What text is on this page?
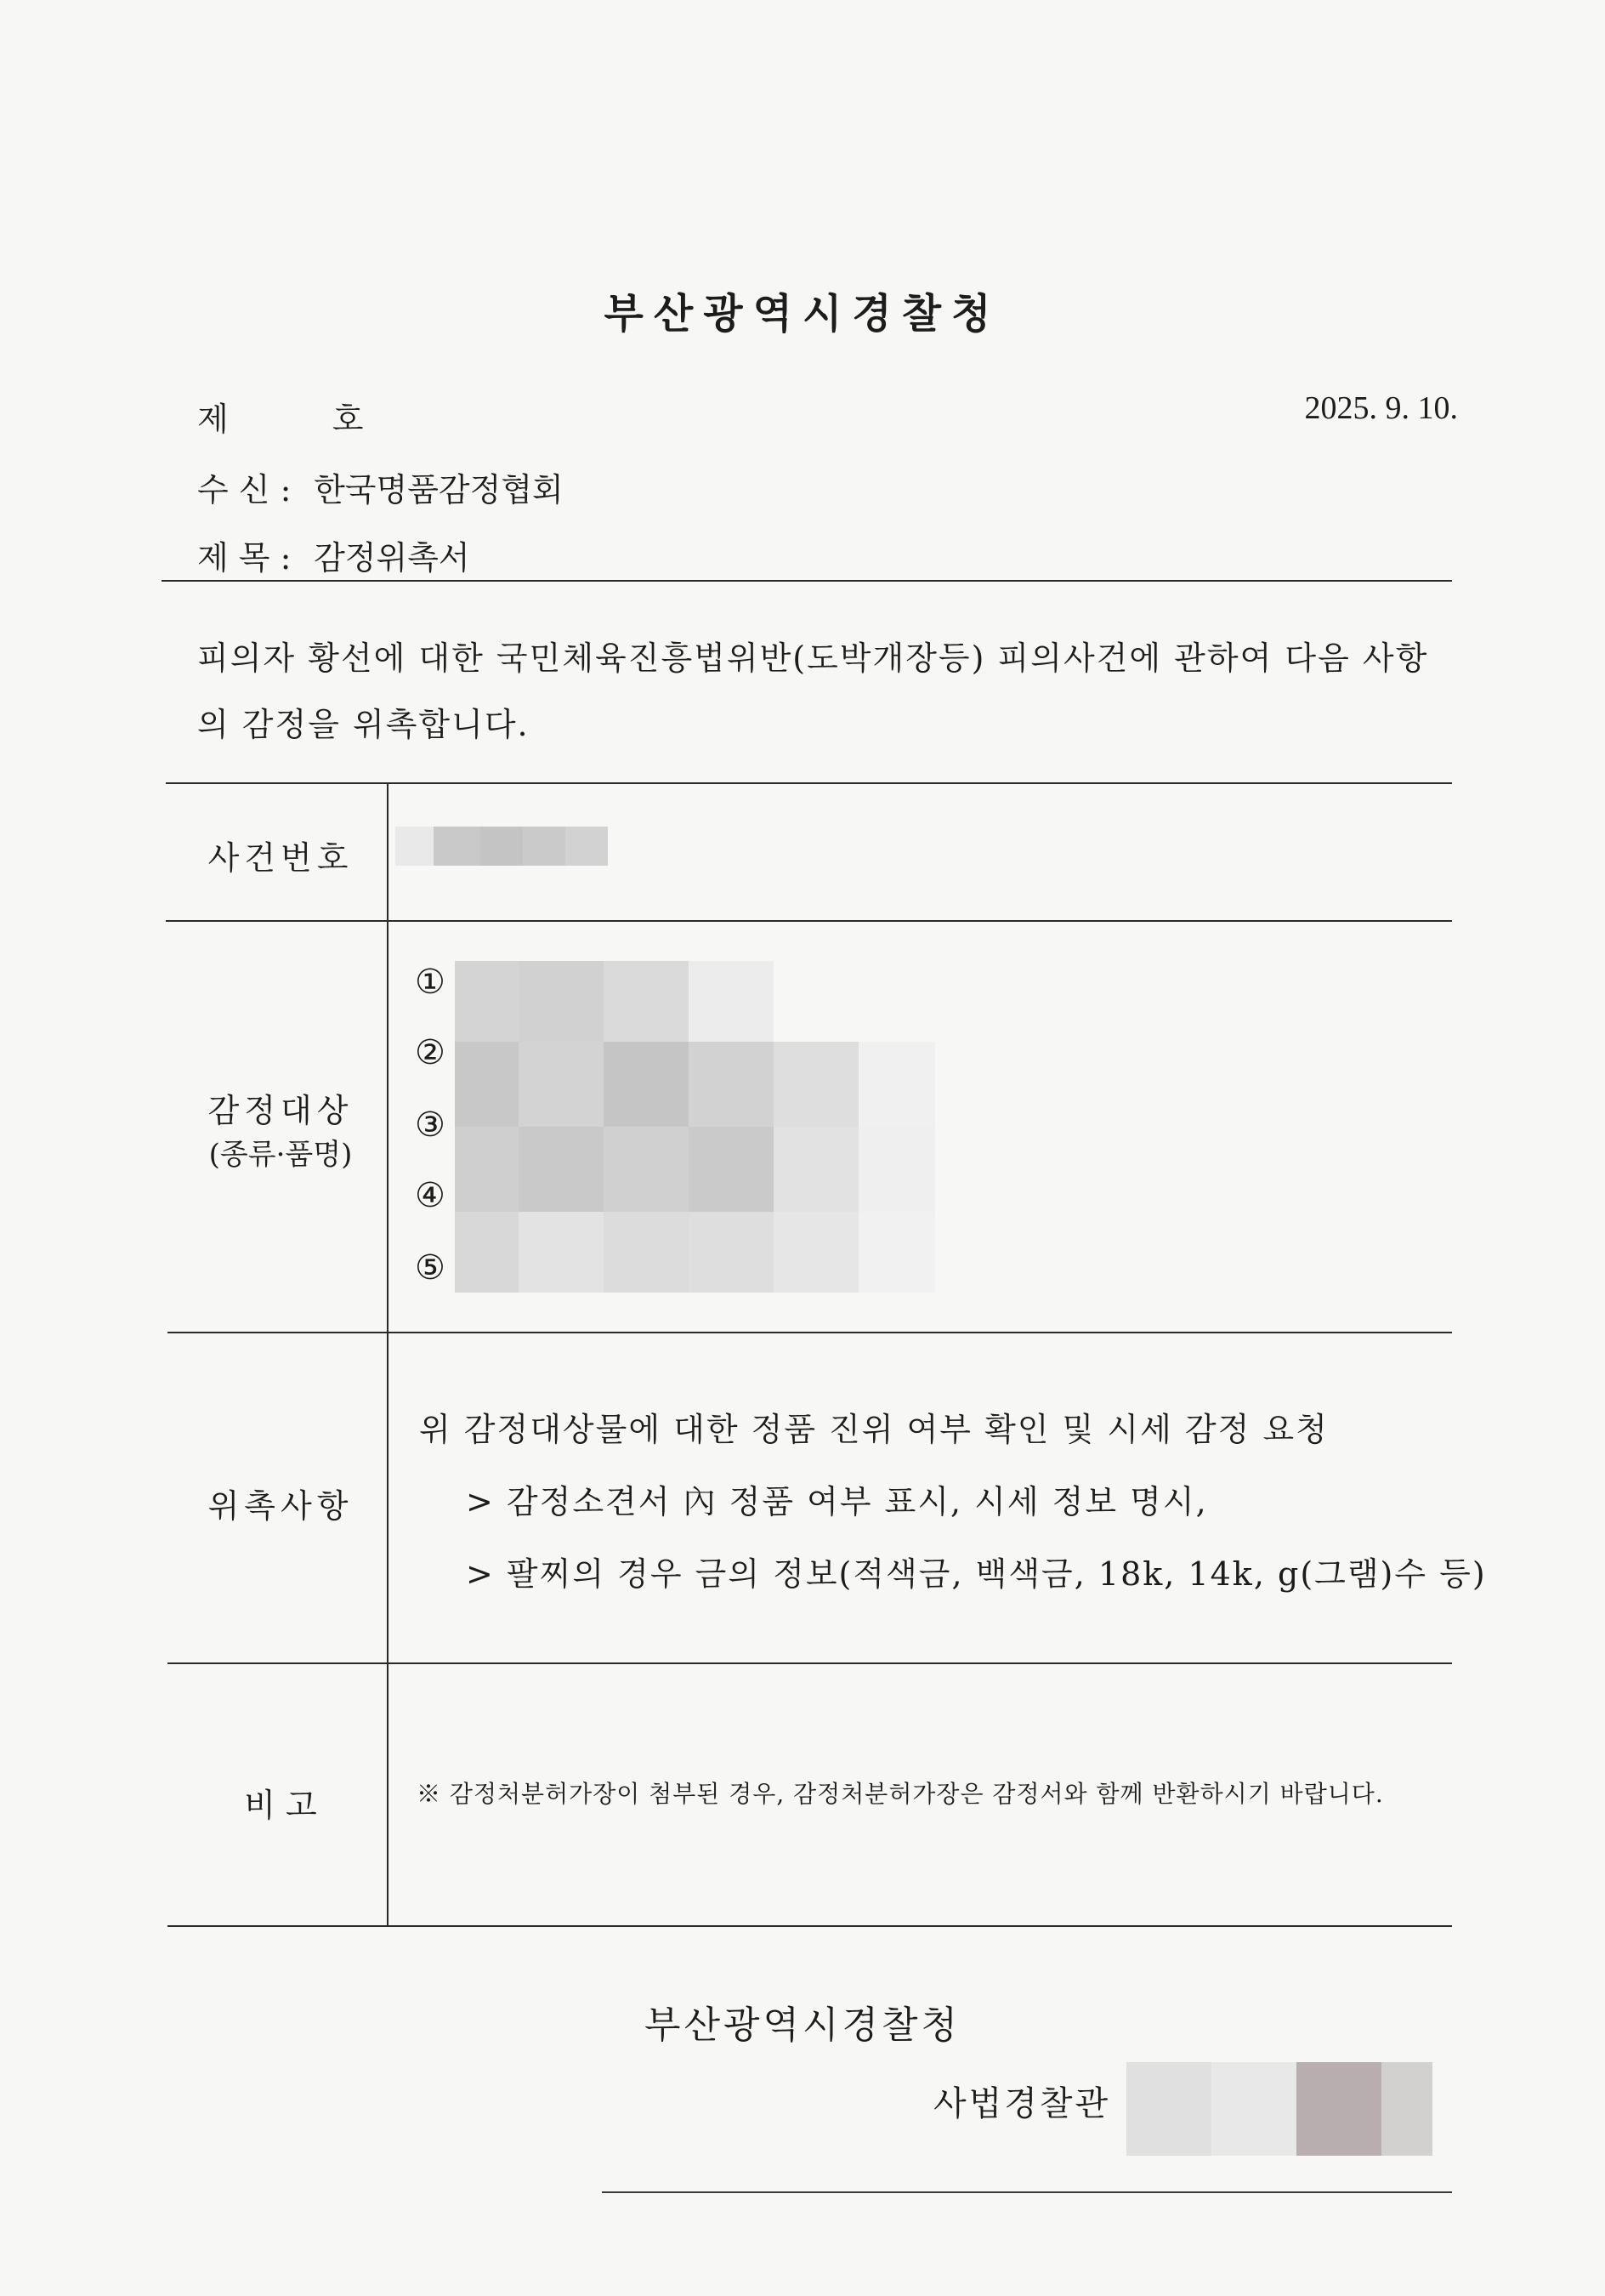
부산광역시경찰청
제 호	2025. 9. 10.
수 신 : 한국명품감정협회
제 목 : 감정위촉서
피의자 황선에 대한 국민체육진흥법위반(도박개장등) 피의사건에 관하여 다음 사항의 감정을 위촉합니다.
사건번호
감정대상
(종류·품명)
①
②
③
④
⑤
위촉사항
위 감정대상물에 대한 정품 진위 여부 확인 및 시세 감정 요청
> 감정소견서 內 정품 여부 표시, 시세 정보 명시,
> 팔찌의 경우 금의 정보(적색금, 백색금, 18k, 14k, g(그램)수 등)
비 고	※ 감정처분허가장이 첨부된 경우, 감정처분허가장은 감정서와 함께 반환하시기 바랍니다.
부산광역시경찰청
사법경찰관
